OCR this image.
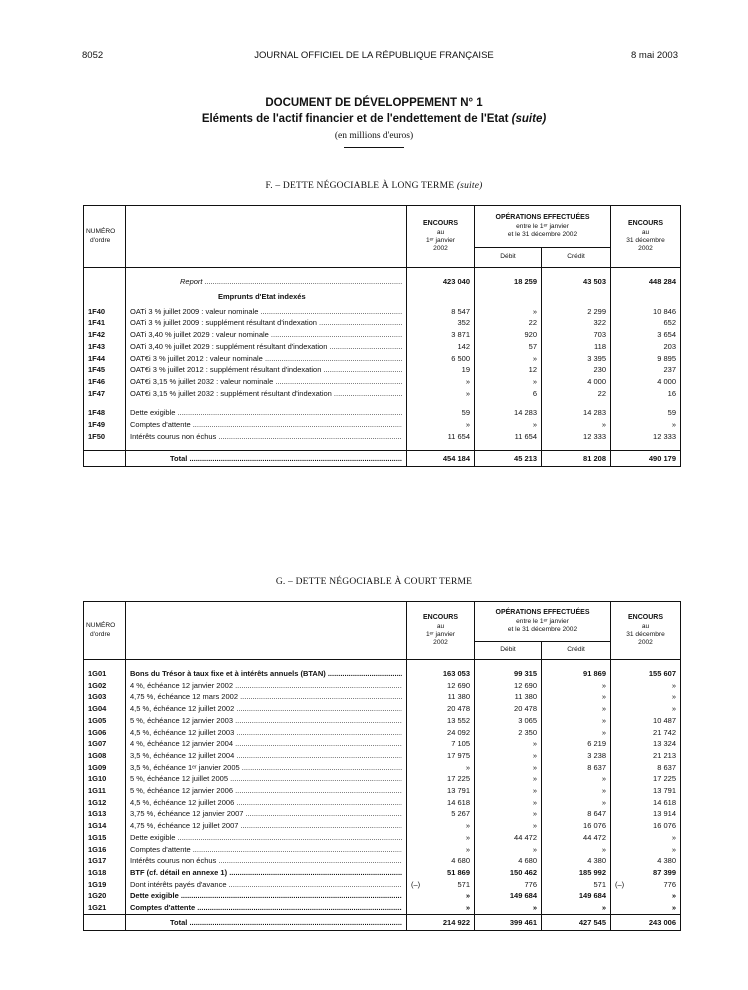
8052	JOURNAL OFFICIEL DE LA RÉPUBLIQUE FRANÇAISE	8 mai 2003
DOCUMENT DE DÉVELOPPEMENT N° 1
Eléments de l'actif financier et de l'endettement de l'Etat (suite)
(en millions d'euros)
F. – DETTE NÉGOCIABLE À LONG TERME (suite)
NUMÉRO
d'ordre		ENCOURS
au
1ᵉʳ janvier
2002	OPÉRATIONS EFFECTUÉES
entre le 1ᵉʳ janvier
et le 31 décembre 2002		ENCOURS
au
31 décembre
2002
			Débit	Crédit	

	Report .....	423 040	18 259	43 503	448 284
	Emprunts d'Etat indexés				
1F40	OATi 3 % juillet 2009 : valeur nominale .....	8 547	»	2 299	10 846
1F41	OATi 3 % juillet 2009 : supplément résultant d'indexation .....	352	22	322	652
1F42	OATi 3,40 % juillet 2029 : valeur nominale .....	3 871	920	703	3 654
1F43	OATi 3,40 % juillet 2029 : supplément résultant d'indexation .....	142	57	118	203
1F44	OAT€i 3 % juillet 2012 : valeur nominale .....	6 500	»	3 395	9 895
1F45	OAT€i 3 % juillet 2012 : supplément résultant d'indexation .....	19	12	230	237
1F46	OAT€i 3,15 % juillet 2032 : valeur nominale .....	»	»	4 000	4 000
1F47	OAT€i 3,15 % juillet 2032 : supplément résultant d'indexation .....	»	6	22	16

1F48	Dette exigible .....	59	14 283	14 283	59
1F49	Comptes d'attente .....	»	»	»	»
1F50	Intérêts courus non échus .....	11 654	11 654	12 333	12 333

	Total .....	454 184	45 213	81 208	490 179
G. – DETTE NÉGOCIABLE À COURT TERME
NUMÉRO
d'ordre		ENCOURS
au
1ᵉʳ janvier
2002	OPÉRATIONS EFFECTUÉES
entre le 1ᵉʳ janvier
et le 31 décembre 2002		ENCOURS
au
31 décembre
2002
			Débit	Crédit	

1G01	Bons du Trésor à taux fixe et à intérêts annuels (BTAN) .....	163 053	99 315	91 869	155 607
1G02	4 %, échéance 12 janvier 2002 .....	12 690	12 690	»	»
1G03	4,75 %, échéance 12 mars 2002 .....	11 380	11 380	»	»
1G04	4,5 %, échéance 12 juillet 2002 .....	20 478	20 478	»	»
1G05	5 %, échéance 12 janvier 2003 .....	13 552	3 065	»	10 487
1G06	4,5 %, échéance 12 juillet 2003 .....	24 092	2 350	»	21 742
1G07	4 %, échéance 12 janvier 2004 .....	7 105	»	6 219	13 324
1G08	3,5 %, échéance 12 juillet 2004 .....	17 975	»	3 238	21 213
1G09	3,5 %, échéance 1ᵉʳ janvier 2005 .....	»	»	8 637	8 637
1G10	5 %, échéance 12 juillet 2005 .....	17 225	»	»	17 225
1G11	5 %, échéance 12 janvier 2006 .....	13 791	»	»	13 791
1G12	4,5 %, échéance 12 juillet 2006 .....	14 618	»	»	14 618
1G13	3,75 %, échéance 12 janvier 2007 .....	5 267	»	8 647	13 914
1G14	4,75 %, échéance 12 juillet 2007 .....	»	»	16 076	16 076
1G15	Dette exigible .....	»	44 472	44 472	»
1G16	Comptes d'attente .....	»	»	»	»
1G17	Intérêts courus non échus .....	4 680	4 680	4 380	4 380
1G18	BTF (cf. détail en annexe 1) .....	51 869	150 462	185 992	87 399
1G19	Dont intérêts payés d'avance .....	(–) 571	776	571	(–) 776
1G20	Dette exigible .....	»	149 684	149 684	»
1G21	Comptes d'attente .....	»	»	»	»

	Total .....	214 922	399 461	427 545	243 006
